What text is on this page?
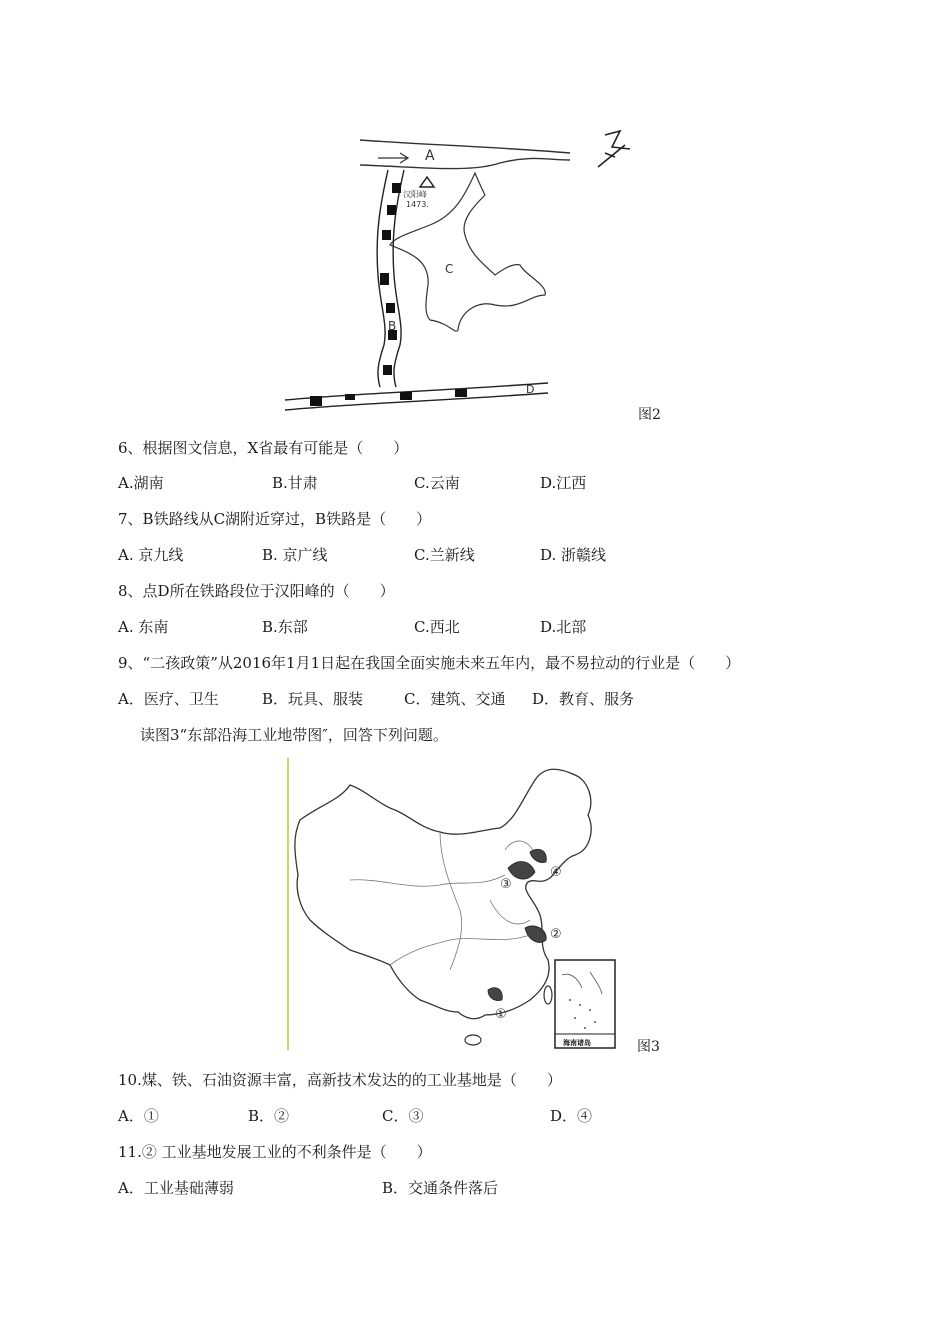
A
汉阳峰
1473.
C
B
D
图2
6、根据图文信息，X省最有可能是（　　）
A.湖南	B.甘肃	C.云南	D.江西
7、B铁路线从C湖附近穿过，B铁路是（　　）
A. 京九线	B. 京广线	C.兰新线	D. 浙赣线
8、点D所在铁路段位于汉阳峰的（　　）
A. 东南	B.东部	C.西北	D.北部
9、“二孩政策”从2016年1月1日起在我国全面实施未来五年内，最不易拉动的行业是（　　）
A．医疗、卫生	B．玩具、服装	C．建筑、交通 D．教育、服务
读图3“东部沿海工业地带图″，回答下列问题。
①
②
③
④
海南诸岛	图3
10.煤、铁、石油资源丰富，高新技术发达的的工业基地是（　　）
A．①	B．②	C．③	D．④
11.② 工业基地发展工业的不利条件是（　　）
A．工业基础薄弱	B．交通条件落后
